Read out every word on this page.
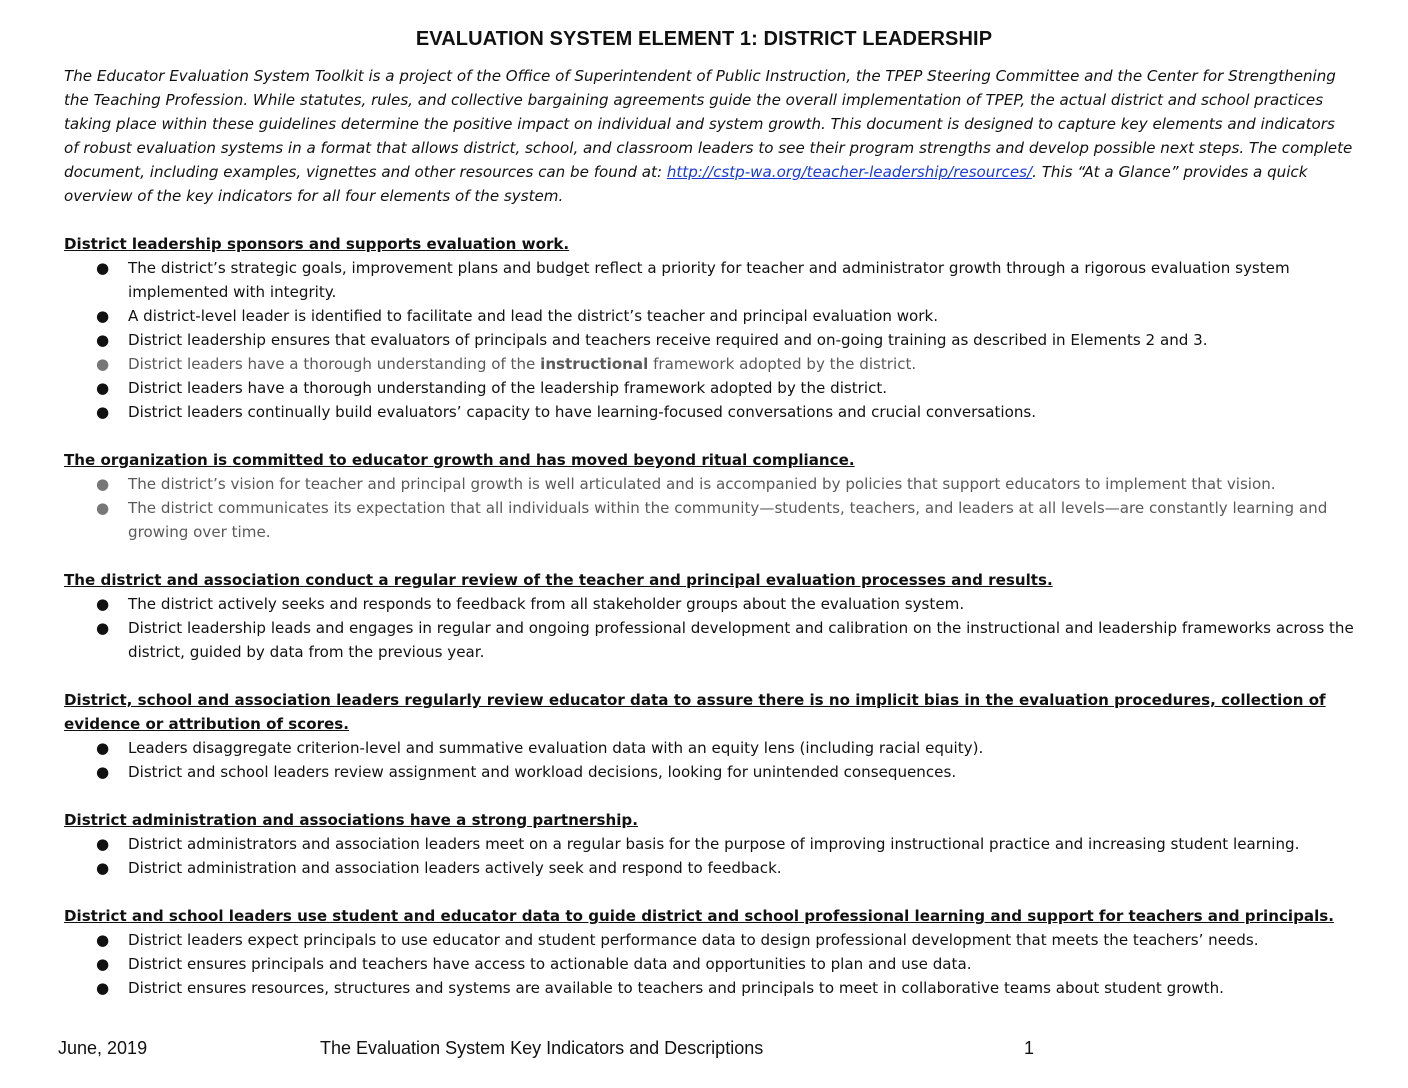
EVALUATION SYSTEM ELEMENT 1: DISTRICT LEADERSHIP
The Educator Evaluation System Toolkit is a project of the Office of Superintendent of Public Instruction, the TPEP Steering Committee and the Center for Strengthening the Teaching Profession. While statutes, rules, and collective bargaining agreements guide the overall implementation of TPEP, the actual district and school practices taking place within these guidelines determine the positive impact on individual and system growth. This document is designed to capture key elements and indicators of robust evaluation systems in a format that allows district, school, and classroom leaders to see their program strengths and develop possible next steps. The complete document, including examples, vignettes and other resources can be found at: http://cstp-wa.org/teacher-leadership/resources/. This “At a Glance” provides a quick overview of the key indicators for all four elements of the system.
District leadership sponsors and supports evaluation work.
●	The district’s strategic goals, improvement plans and budget reflect a priority for teacher and administrator growth through a rigorous evaluation system implemented with integrity.
●	A district-level leader is identified to facilitate and lead the district’s teacher and principal evaluation work.
●	District leadership ensures that evaluators of principals and teachers receive required and on-going training as described in Elements 2 and 3.
●	District leaders have a thorough understanding of the instructional framework adopted by the district.
●	District leaders have a thorough understanding of the leadership framework adopted by the district.
●	District leaders continually build evaluators’ capacity to have learning-focused conversations and crucial conversations.
The organization is committed to educator growth and has moved beyond ritual compliance.
●	The district’s vision for teacher and principal growth is well articulated and is accompanied by policies that support educators to implement that vision.
●	The district communicates its expectation that all individuals within the community—students, teachers, and leaders at all levels—are constantly learning and growing over time.
The district and association conduct a regular review of the teacher and principal evaluation processes and results.
●	The district actively seeks and responds to feedback from all stakeholder groups about the evaluation system.
●	District leadership leads and engages in regular and ongoing professional development and calibration on the instructional and leadership frameworks across the district, guided by data from the previous year.
District, school and association leaders regularly review educator data to assure there is no implicit bias in the evaluation procedures, collection of evidence or attribution of scores.
●	Leaders disaggregate criterion-level and summative evaluation data with an equity lens (including racial equity).
●	District and school leaders review assignment and workload decisions, looking for unintended consequences.
District administration and associations have a strong partnership.
●	District administrators and association leaders meet on a regular basis for the purpose of improving instructional practice and increasing student learning.
●	District administration and association leaders actively seek and respond to feedback.
District and school leaders use student and educator data to guide district and school professional learning and support for teachers and principals.
●	District leaders expect principals to use educator and student performance data to design professional development that meets the teachers’ needs.
●	District ensures principals and teachers have access to actionable data and opportunities to plan and use data.
●	District ensures resources, structures and systems are available to teachers and principals to meet in collaborative teams about student growth.
June, 2019	The Evaluation System Key Indicators and Descriptions	1
